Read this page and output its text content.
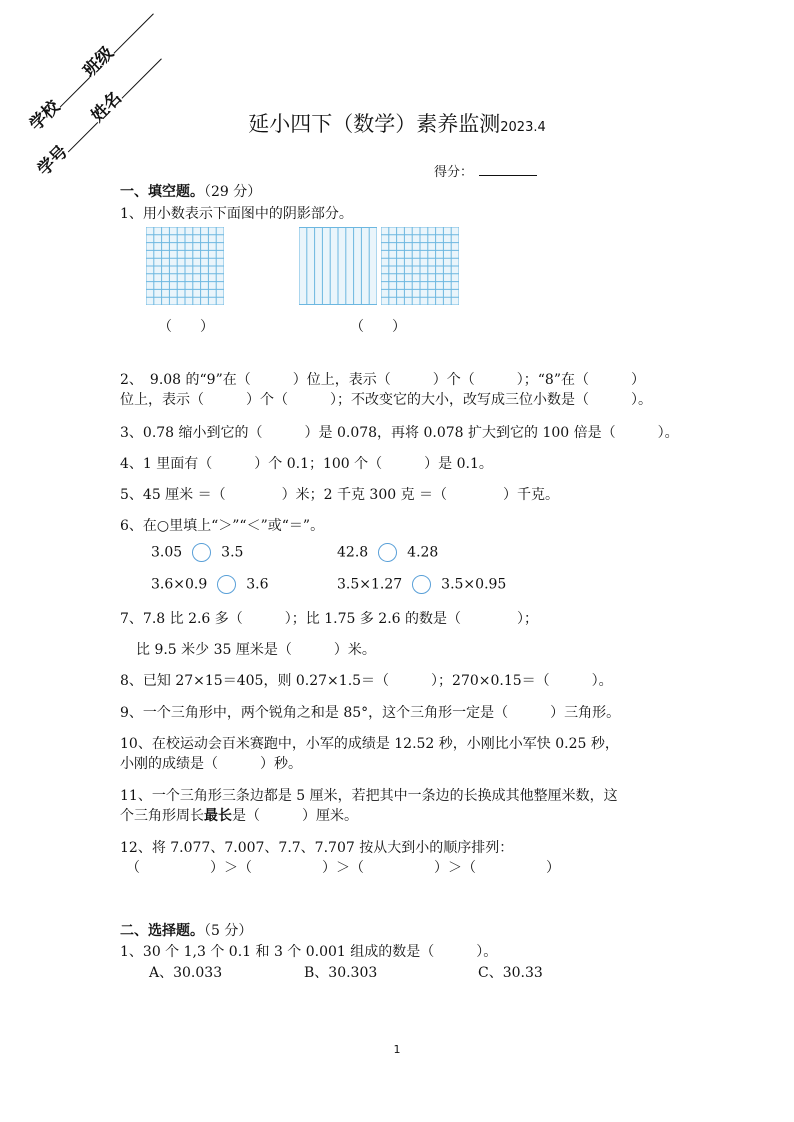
学校班级
学号姓名	延小四下（数学）素养监测2023.4
得分：
一、填空题。（29 分）
1、用小数表示下面图中的阴影部分。
（　　）	（　　）
2、　9.08 的“9”在（　　　）位上，表示（　　　）个（　　　）；“8”在（　　　）
位上，表示（　　　）个（　　　）；不改变它的大小，改写成三位小数是（　　　）。
3、0.78 缩小到它的（　　　）是 0.078，再将 0.078 扩大到它的 100 倍是（　　　）。
4、1 里面有（　　　）个 0.1；100 个（　　　）是 0.1。
5、45 厘米 ＝（　　　　）米；2 千克 300 克 ＝（　　　　）千克。
6、在○里填上“＞”“＜”或“＝”。
3.05	3.5	42.8	4.28
3.6×0.9	3.6	3.5×1.27	3.5×0.95
7、7.8 比 2.6 多（　　　）；比 1.75 多 2.6 的数是（　　　　）；
比 9.5 米少 35 厘米是（　　　）米。
8、已知 27×15＝405，则 0.27×1.5＝（　　　）；270×0.15＝（　　　）。
9、一个三角形中，两个锐角之和是 85°，这个三角形一定是（　　　）三角形。
10、在校运动会百米赛跑中，小军的成绩是 12.52 秒，小刚比小军快 0.25 秒，
小刚的成绩是（　　　）秒。
11、一个三角形三条边都是 5 厘米，若把其中一条边的长换成其他整厘米数，这
个三角形周长最长是（　　　）厘米。
12、将 7.077、7.007、7.7、7.707 按从大到小的顺序排列：
（　　　　　）＞（　　　　　）＞（　　　　　）＞（　　　　　）
二、选择题。（5 分）
1、30 个 1,3 个 0.1 和 3 个 0.001 组成的数是（　　　）。
A、30.033	B、30.303	C、30.33
1
